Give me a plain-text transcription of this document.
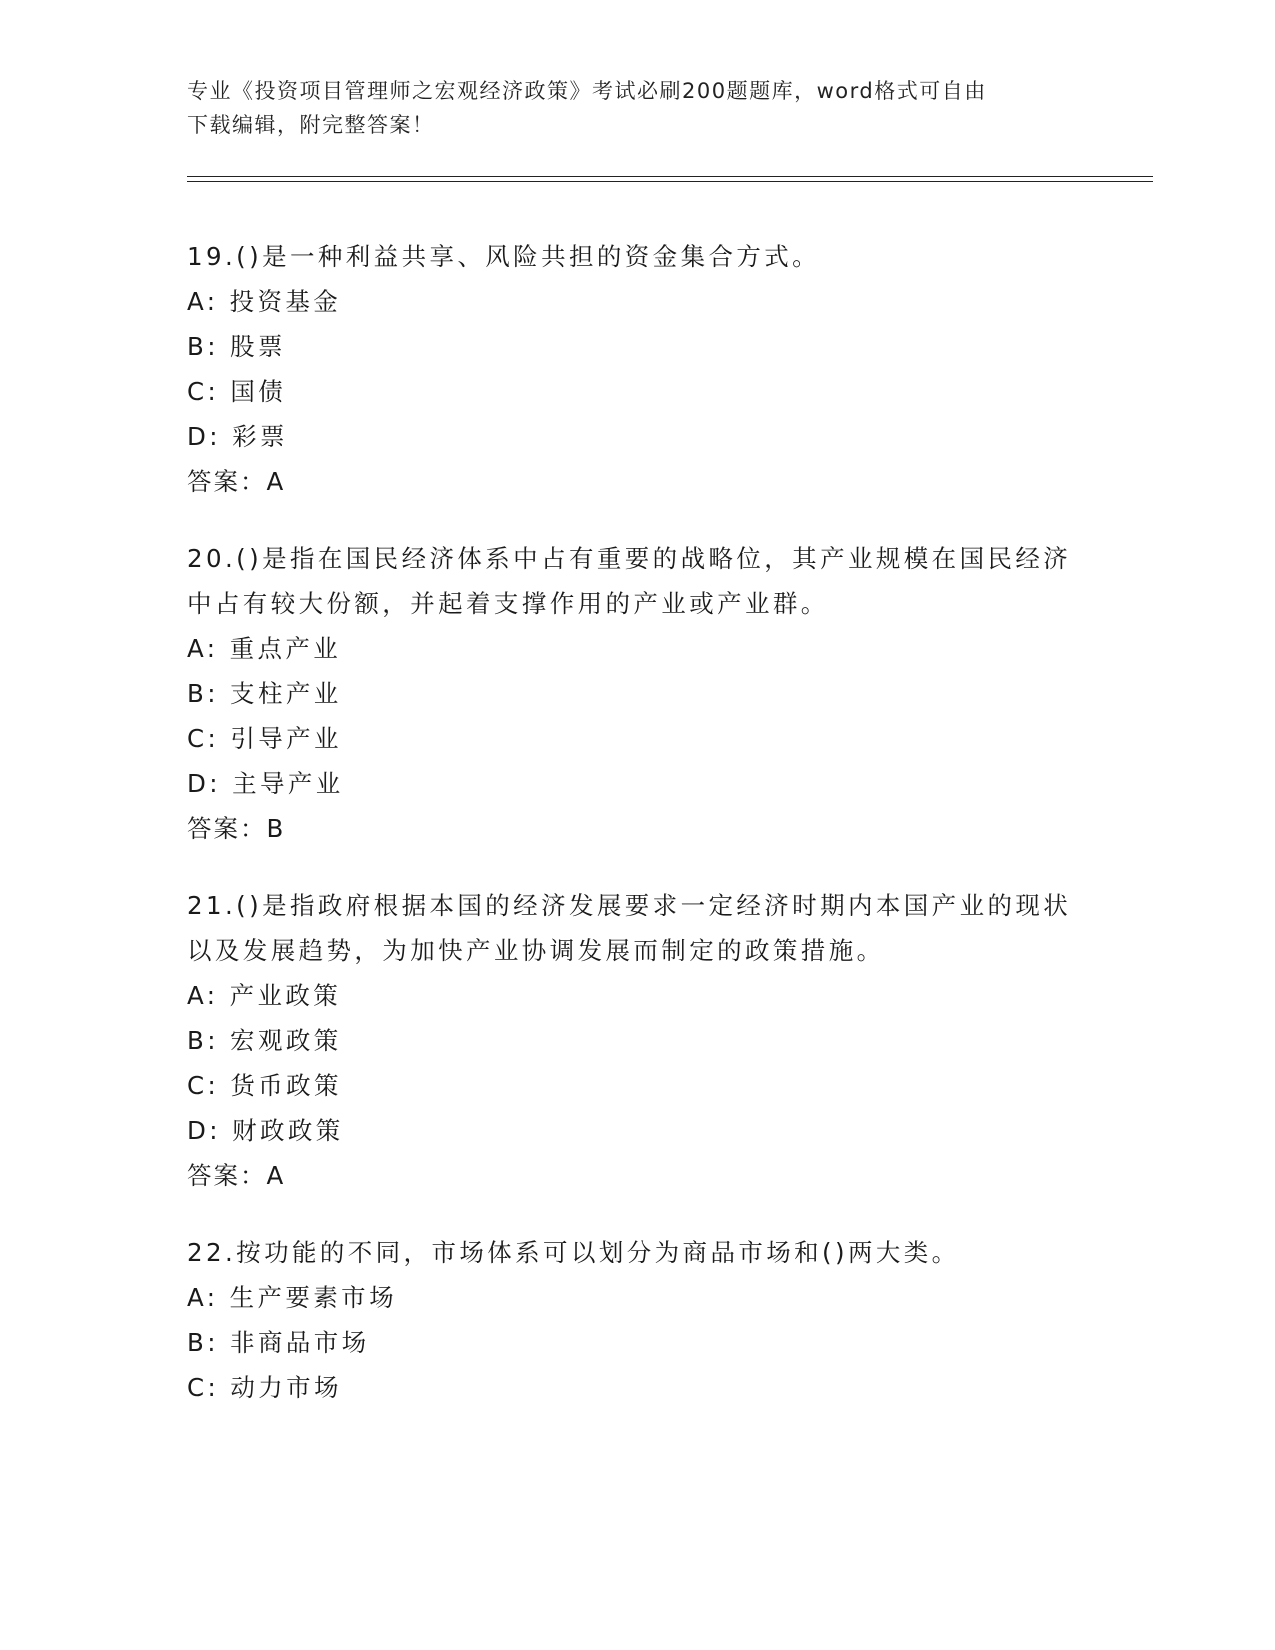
专业《投资项目管理师之宏观经济政策》考试必刷200题题库，word格式可自由
下载编辑，附完整答案！
19.()是一种利益共享、风险共担的资金集合方式。
A: 投资基金
B: 股票
C: 国债
D: 彩票
答案：A
20.()是指在国民经济体系中占有重要的战略位，其产业规模在国民经济中占有较大份额，并起着支撑作用的产业或产业群。
A: 重点产业
B: 支柱产业
C: 引导产业
D: 主导产业
答案：B
21.()是指政府根据本国的经济发展要求一定经济时期内本国产业的现状以及发展趋势，为加快产业协调发展而制定的政策措施。
A: 产业政策
B: 宏观政策
C: 货币政策
D: 财政政策
答案：A
22.按功能的不同，市场体系可以划分为商品市场和()两大类。
A: 生产要素市场
B: 非商品市场
C: 动力市场
